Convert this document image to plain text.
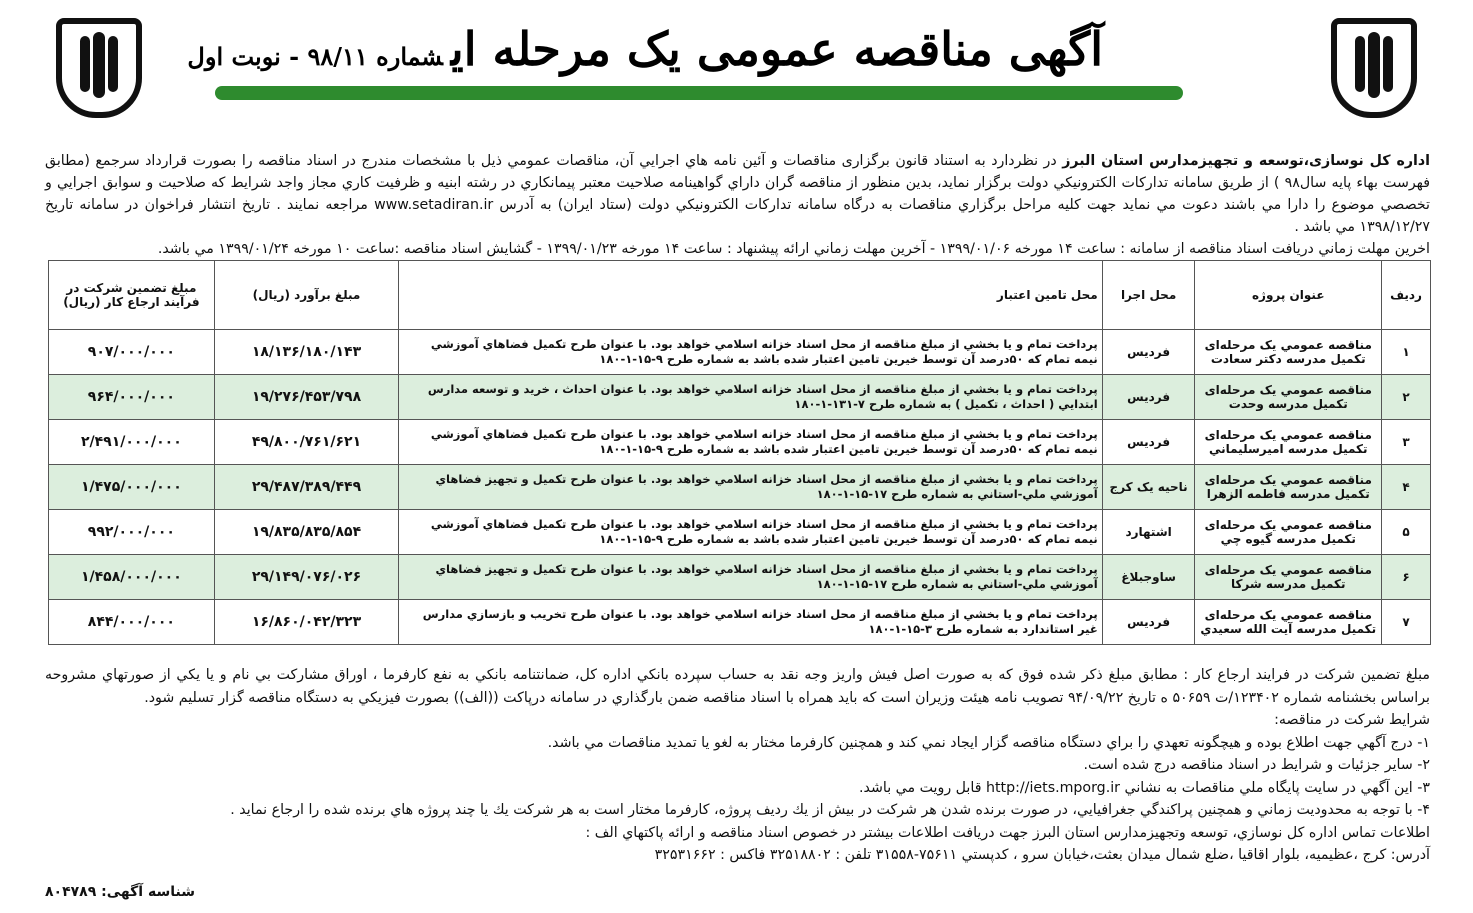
آگهی مناقصه عمومی یک مرحله ایشماره ۹۸/۱۱ - نوبت اول

اداره کل نوسازی،توسعه و تجهیزمدارس استان البرز در نظردارد به استناد قانون برگزاری مناقصات و آئين نامه هاي اجرايي آن، مناقصات عمومي ذيل با مشخصات مندرج در اسناد مناقصه را بصورت قرارداد سرجمع (مطابق فهرست بهاء پايه سال۹۸ ) از طريق سامانه تداركات الكترونيكي دولت برگزار نمايد، بدين منظور از مناقصه گران داراي گواهينامه صلاحيت معتبر پيمانكاري در رشته ابنيه و ظرفيت كاري مجاز واجد شرايط كه صلاحيت و سوابق اجرايي و تخصصي موضوع را دارا مي باشند دعوت مي نمايد جهت كليه مراحل برگزاري مناقصات به درگاه سامانه تدارکات الكترونيكي دولت (ستاد ايران) به آدرس www.setadiran.ir مراجعه نمايند . تاريخ انتشار فراخوان در سامانه تاريخ ۱۳۹۸/۱۲/۲۷ مي باشد .

اخرين مهلت زماني دريافت اسناد مناقصه از سامانه : ساعت ۱۴ مورخه ۱۳۹۹/۰۱/۰۶ - آخرين مهلت زماني ارائه پيشنهاد : ساعت ۱۴ مورخه ۱۳۹۹/۰۱/۲۳ - گشايش اسناد مناقصه :ساعت ۱۰ مورخه ۱۳۹۹/۰۱/۲۴ مي باشد.

ردیف	عنوان پروژه	محل اجرا	محل تامين اعتبار	مبلغ برآورد (ريال)	مبلغ تضمين شركت در فرآيند ارجاع كار (ريال)
۱	مناقصه عمومي يک مرحله‌ای تكميل مدرسه دكتر سعادت	فرديس	پرداخت تمام و يا بخشي از مبلغ مناقصه از محل اسناد خزانه اسلامي خواهد بود. با عنوان طرح تكميل فضاهاي آموزشي نيمه تمام كه ۵۰درصد آن توسط خيرين تامين اعتبار شده باشد به شماره طرح ۹-۱۵-۱-۱۸۰	۱۸/۱۳۶/۱۸۰/۱۴۳	۹۰۷/۰۰۰/۰۰۰
۲	مناقصه عمومي يک مرحله‌ای تكميل مدرسه وحدت	فرديس	پرداخت تمام و يا بخشي از مبلغ مناقصه از محل اسناد خزانه اسلامي خواهد بود. با عنوان احداث ، خريد و توسعه مدارس ابتدايي ( احداث ، تكميل ) به شماره طرح ۷-۱۳۱-۱-۱۸۰	۱۹/۲۷۶/۴۵۳/۷۹۸	۹۶۴/۰۰۰/۰۰۰
۳	مناقصه عمومي يک مرحله‌ای تكميل مدرسه اميرسليماني	فرديس	پرداخت تمام و يا بخشي از مبلغ مناقصه از محل اسناد خزانه اسلامي خواهد بود. با عنوان طرح تكميل فضاهاي آموزشي نيمه تمام كه ۵۰درصد آن توسط خيرين تامين اعتبار شده باشد به شماره طرح ۹-۱۵-۱-۱۸۰	۴۹/۸۰۰/۷۶۱/۶۲۱	۲/۴۹۱/۰۰۰/۰۰۰
۴	مناقصه عمومي يک مرحله‌ای تكميل مدرسه فاطمه الزهرا	ناحيه يک كرج	پرداخت تمام و يا بخشي از مبلغ مناقصه از محل اسناد خزانه اسلامي خواهد بود. با عنوان طرح تكميل و تجهيز فضاهاي آموزشي ملي-استاني به شماره طرح ۱۷-۱۵-۱-۱۸۰	۲۹/۴۸۷/۳۸۹/۴۴۹	۱/۴۷۵/۰۰۰/۰۰۰
۵	مناقصه عمومي يک مرحله‌ای تكميل مدرسه گيوه چي	اشتهارد	پرداخت تمام و يا بخشي از مبلغ مناقصه از محل اسناد خزانه اسلامي خواهد بود. با عنوان طرح تكميل فضاهاي آموزشي نيمه تمام كه ۵۰درصد آن توسط خيرين تامين اعتبار شده باشد به شماره طرح ۹-۱۵-۱-۱۸۰	۱۹/۸۳۵/۸۳۵/۸۵۴	۹۹۲/۰۰۰/۰۰۰
۶	مناقصه عمومي يک مرحله‌ای تكميل مدرسه شركا	ساوجبلاغ	پرداخت تمام و يا بخشي از مبلغ مناقصه از محل اسناد خزانه اسلامي خواهد بود. با عنوان طرح تكميل و تجهيز فضاهاي آموزشي ملي-استاني به شماره طرح ۱۷-۱۵-۱-۱۸۰	۲۹/۱۴۹/۰۷۶/۰۲۶	۱/۴۵۸/۰۰۰/۰۰۰
۷	مناقصه عمومي يک مرحله‌ای تكميل مدرسه آيت الله سعيدي	فرديس	پرداخت تمام و يا بخشي از مبلغ مناقصه از محل اسناد خزانه اسلامي خواهد بود. با عنوان طرح تخريب و بازسازي مدارس غير استاندارد به شماره طرح ۳-۱۵-۱-۱۸۰	۱۶/۸۶۰/۰۴۲/۳۲۳	۸۴۴/۰۰۰/۰۰۰

مبلغ تضمين شركت در فرايند ارجاع كار : مطابق مبلغ ذكر شده فوق كه به صورت اصل فيش واريز وجه نقد به حساب سپرده بانكي اداره كل، ضمانتنامه بانكي به نفع كارفرما ، اوراق مشاركت بي نام و يا يكي از صورتهاي مشروحه براساس بخشنامه شماره ۱۲۳۴۰۲/ت ۵۰۶۵۹ ه تاريخ ۹۴/۰۹/۲۲ تصويب نامه هيئت وزيران است كه بايد همراه با اسناد مناقصه ضمن بارگذاري در سامانه درپاكت ((الف)) بصورت فيزيكي به دستگاه مناقصه گزار تسليم شود.

شرايط شركت در مناقصه:

۱- درج آگهي جهت اطلاع بوده و هيچگونه تعهدي را براي دستگاه مناقصه گزار ايجاد نمي كند و همچنين كارفرما مختار به لغو يا تمديد مناقصات مي باشد.

۲- ساير جزئيات و شرايط در اسناد مناقصه درج شده است.

۳- اين آگهي در سايت پايگاه ملي مناقصات به نشاني http://iets.mporg.ir قابل رويت مي باشد.

۴- با توجه به محدوديت زماني و همچنين پراكندگي جغرافيايي، در صورت برنده شدن هر شركت در بيش از يك رديف پروژه، كارفرما مختار است به هر شركت يك يا چند پروژه هاي برنده شده را ارجاع نمايد .

اطلاعات تماس اداره كل نوسازي، توسعه وتجهيزمدارس استان البرز جهت دريافت اطلاعات بيشتر در خصوص اسناد مناقصه و ارائه پاكتهاي الف :

آدرس: كرج ،عظيميه، بلوار اقاقيا ،ضلع شمال ميدان بعثت،خيابان سرو ، كدپستي ۷۵۶۱۱-۳۱۵۵۸ تلفن : ۳۲۵۱۸۸۰۲ فاكس : ۳۲۵۳۱۶۶۲

شناسه آگهی: ۸۰۴۷۸۹
